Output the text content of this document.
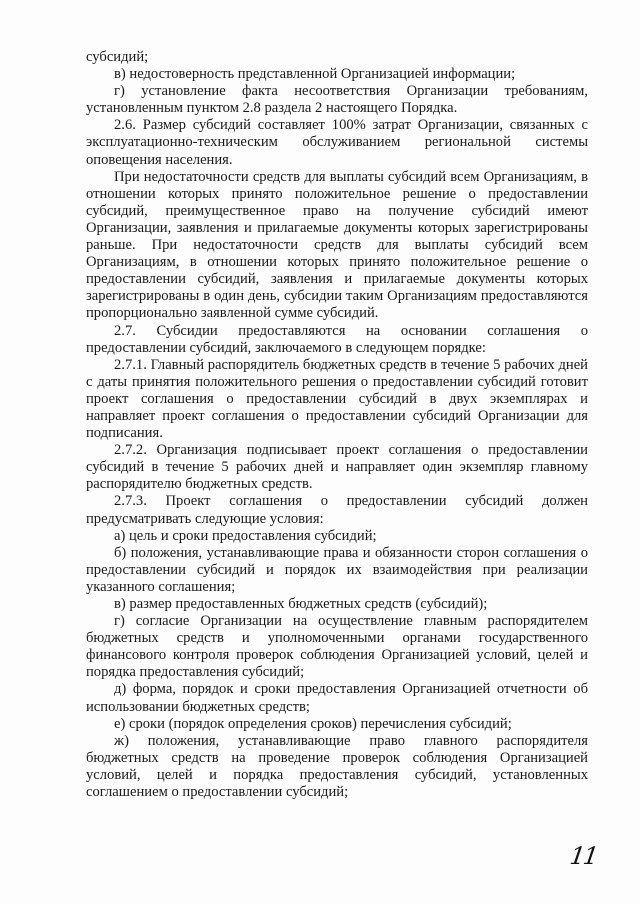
субсидий;

в) недостоверность представленной Организацией информации;

г) установление факта несоответствия Организации требованиям, установленным пунктом 2.8 раздела 2 настоящего Порядка.

2.6. Размер субсидий составляет 100% затрат Организации, связанных с эксплуатационно-техническим обслуживанием региональной системы оповещения населения.

При недостаточности средств для выплаты субсидий всем Организациям, в отношении которых принято положительное решение о предоставлении субсидий, преимущественное право на получение субсидий имеют Организации, заявления и прилагаемые документы которых зарегистрированы раньше. При недостаточности средств для выплаты субсидий всем Организациям, в отношении которых принято положительное решение о предоставлении субсидий, заявления и прилагаемые документы которых зарегистрированы в один день, субсидии таким Организациям предоставляются пропорционально заявленной сумме субсидий.

2.7. Субсидии предоставляются на основании соглашения о предоставлении субсидий, заключаемого в следующем порядке:

2.7.1. Главный распорядитель бюджетных средств в течение 5 рабочих дней с даты принятия положительного решения о предоставлении субсидий готовит проект соглашения о предоставлении субсидий в двух экземплярах и направляет проект соглашения о предоставлении субсидий Организации для подписания.

2.7.2. Организация подписывает проект соглашения о предоставлении субсидий в течение 5 рабочих дней и направляет один экземпляр главному распорядителю бюджетных средств.

2.7.3. Проект соглашения о предоставлении субсидий должен предусматривать следующие условия:

а) цель и сроки предоставления субсидий;

б) положения, устанавливающие права и обязанности сторон соглашения о предоставлении субсидий и порядок их взаимодействия при реализации указанного соглашения;

в) размер предоставленных бюджетных средств (субсидий);

г) согласие Организации на осуществление главным распорядителем бюджетных средств и уполномоченными органами государственного финансового контроля проверок соблюдения Организацией условий, целей и порядка предоставления субсидий;

д) форма, порядок и сроки предоставления Организацией отчетности об использовании бюджетных средств;

е) сроки (порядок определения сроков) перечисления субсидий;

ж) положения, устанавливающие право главного распорядителя бюджетных средств на проведение проверок соблюдения Организацией условий, целей и порядка предоставления субсидий, установленных соглашением о предоставлении субсидий;

11
